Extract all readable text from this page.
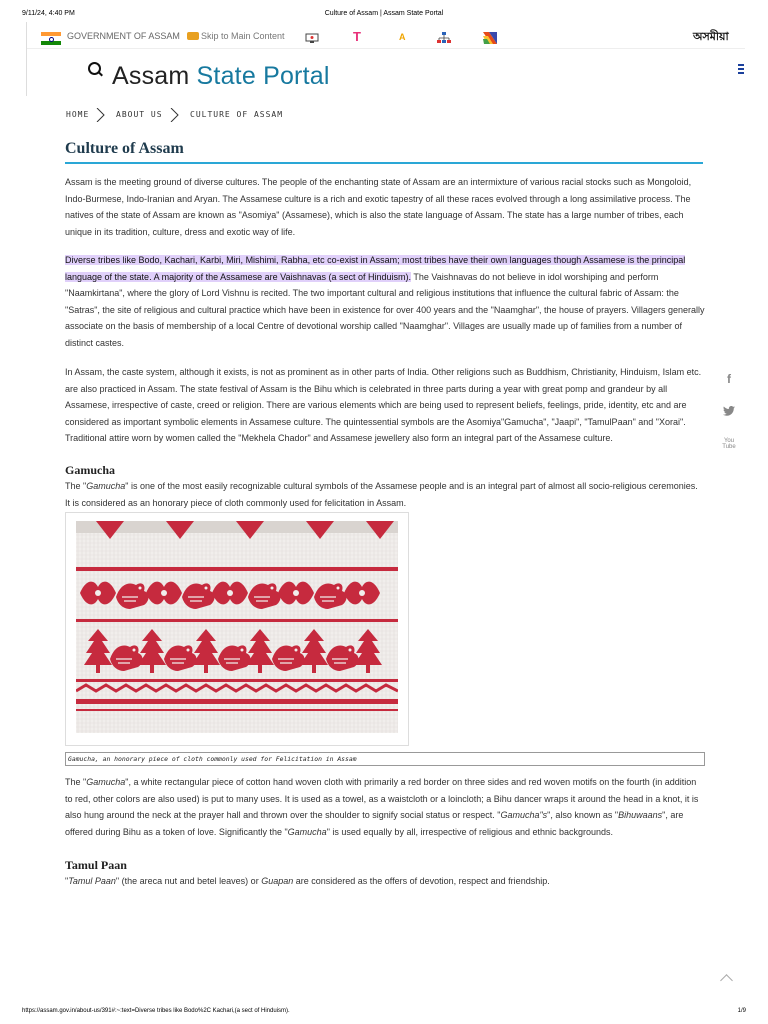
9/11/24, 4:40 PM	Culture of Assam | Assam State Portal
GOVERNMENT OF ASSAM	Skip to Main Content	T	A	অসমীয়া
Assam State Portal
HOME	ABOUT US	CULTURE OF ASSAM
Culture of Assam

Assam is the meeting ground of diverse cultures. The people of the enchanting state of Assam are an intermixture of various racial stocks such as Mongoloid, Indo-Burmese, Indo-Iranian and Aryan. The Assamese culture is a rich and exotic tapestry of all these races evolved through a long assimilative process. The natives of the state of Assam are known as "Asomiya" (Assamese), which is also the state language of Assam. The state has a large number of tribes, each unique in its tradition, culture, dress and exotic way of life.

Diverse tribes like Bodo, Kachari, Karbi, Miri, Mishimi, Rabha, etc co-exist in Assam; most tribes have their own languages though Assamese is the principal language of the state. A majority of the Assamese are Vaishnavas (a sect of Hinduism). The Vaishnavas do not believe in idol worshiping and perform "Naamkirtana", where the glory of Lord Vishnu is recited. The two important cultural and religious institutions that influence the cultural fabric of Assam: the "Satras", the site of religious and cultural practice which have been in existence for over 400 years and the "Naamghar", the house of prayers. Villagers generally associate on the basis of membership of a local Centre of devotional worship called "Naamghar". Villages are usually made up of families from a number of distinct castes.

In Assam, the caste system, although it exists, is not as prominent as in other parts of India. Other religions such as Buddhism, Christianity, Hinduism, Islam etc. are also practiced in Assam. The state festival of Assam is the Bihu which is celebrated in three parts during a year with great pomp and grandeur by all Assamese, irrespective of caste, creed or religion. There are various elements which are being used to represent beliefs, feelings, pride, identity, etc and are considered as important symbolic elements in Assamese culture. The quintessential symbols are the Asomiya"Gamucha", "Jaapi", "TamulPaan" and "Xorai". Traditional attire worn by women called the "Mekhela Chador" and Assamese jewellery also form an integral part of the Assamese culture.

Gamucha

The "Gamucha" is one of the most easily recognizable cultural symbols of the Assamese people and is an integral part of almost all socio-religious ceremonies. It is considered as an honorary piece of cloth commonly used for felicitation in Assam.

Gamucha, an honorary piece of cloth commonly used for Felicitation in Assam

The "Gamucha", a white rectangular piece of cotton hand woven cloth with primarily a red border on three sides and red woven motifs on the fourth (in addition to red, other colors are also used) is put to many uses. It is used as a towel, as a waistcloth or a loincloth; a Bihu dancer wraps it around the head in a knot, it is also hung around the neck at the prayer hall and thrown over the shoulder to signify social status or respect. "Gamucha"s", also known as "Bihuwaans", are offered during Bihu as a token of love. Significantly the "Gamucha" is used equally by all, irrespective of religious and ethnic backgrounds.

Tamul Paan

"Tamul Paan" (the areca nut and betel leaves) or Guapan are considered as the offers of devotion, respect and friendship.

f
You
Tube
https://assam.gov.in/about-us/391#:~:text=Diverse tribes like Bodo%2C Kachari,(a sect of Hinduism).	1/9
